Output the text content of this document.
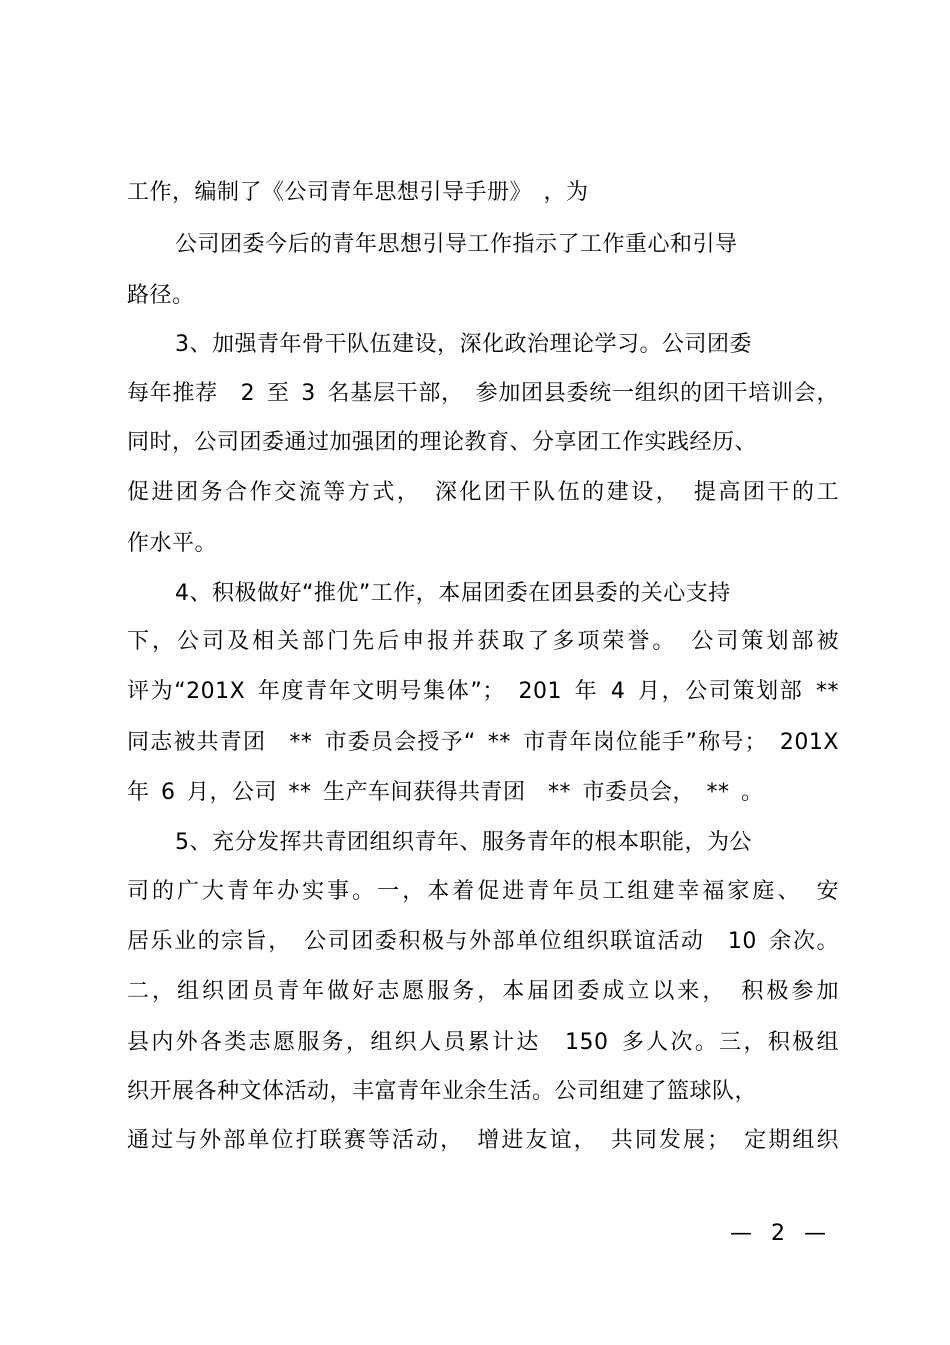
工作，编制了《公司青年思想引导手册》　，为
公司团委今后的青年思想引导工作指示了工作重心和引导
路径。
3、加强青年骨干队伍建设，深化政治理论学习。公司团委
每年推荐　2 至 3 名基层干部，　参加团县委统一组织的团干培训会，
同时，公司团委通过加强团的理论教育、分享团工作实践经历、
促进团务合作交流等方式，　深化团干队伍的建设，　提高团干的工
作水平。
4、积极做好“推优”工作，本届团委在团县委的关心支持
下，公司及相关部门先后申报并获取了多项荣誉。　公司策划部被
评为“201X 年度青年文明号集体”；　201 年 4 月，公司策划部 **
同志被共青团　** 市委员会授予“ ** 市青年岗位能手”称号；　201X
年 6 月，公司 ** 生产车间获得共青团　** 市委员会，　** 。
5、充分发挥共青团组织青年、服务青年的根本职能，为公
司的广大青年办实事。一，本着促进青年员工组建幸福家庭、　安
居乐业的宗旨，　公司团委积极与外部单位组织联谊活动　10 余次。
二，组织团员青年做好志愿服务，本届团委成立以来，　积极参加
县内外各类志愿服务，组织人员累计达　150 多人次。三，积极组
织开展各种文体活动，丰富青年业余生活。公司组建了篮球队，
通过与外部单位打联赛等活动，　增进友谊，　共同发展；　定期组织
— 2 —
